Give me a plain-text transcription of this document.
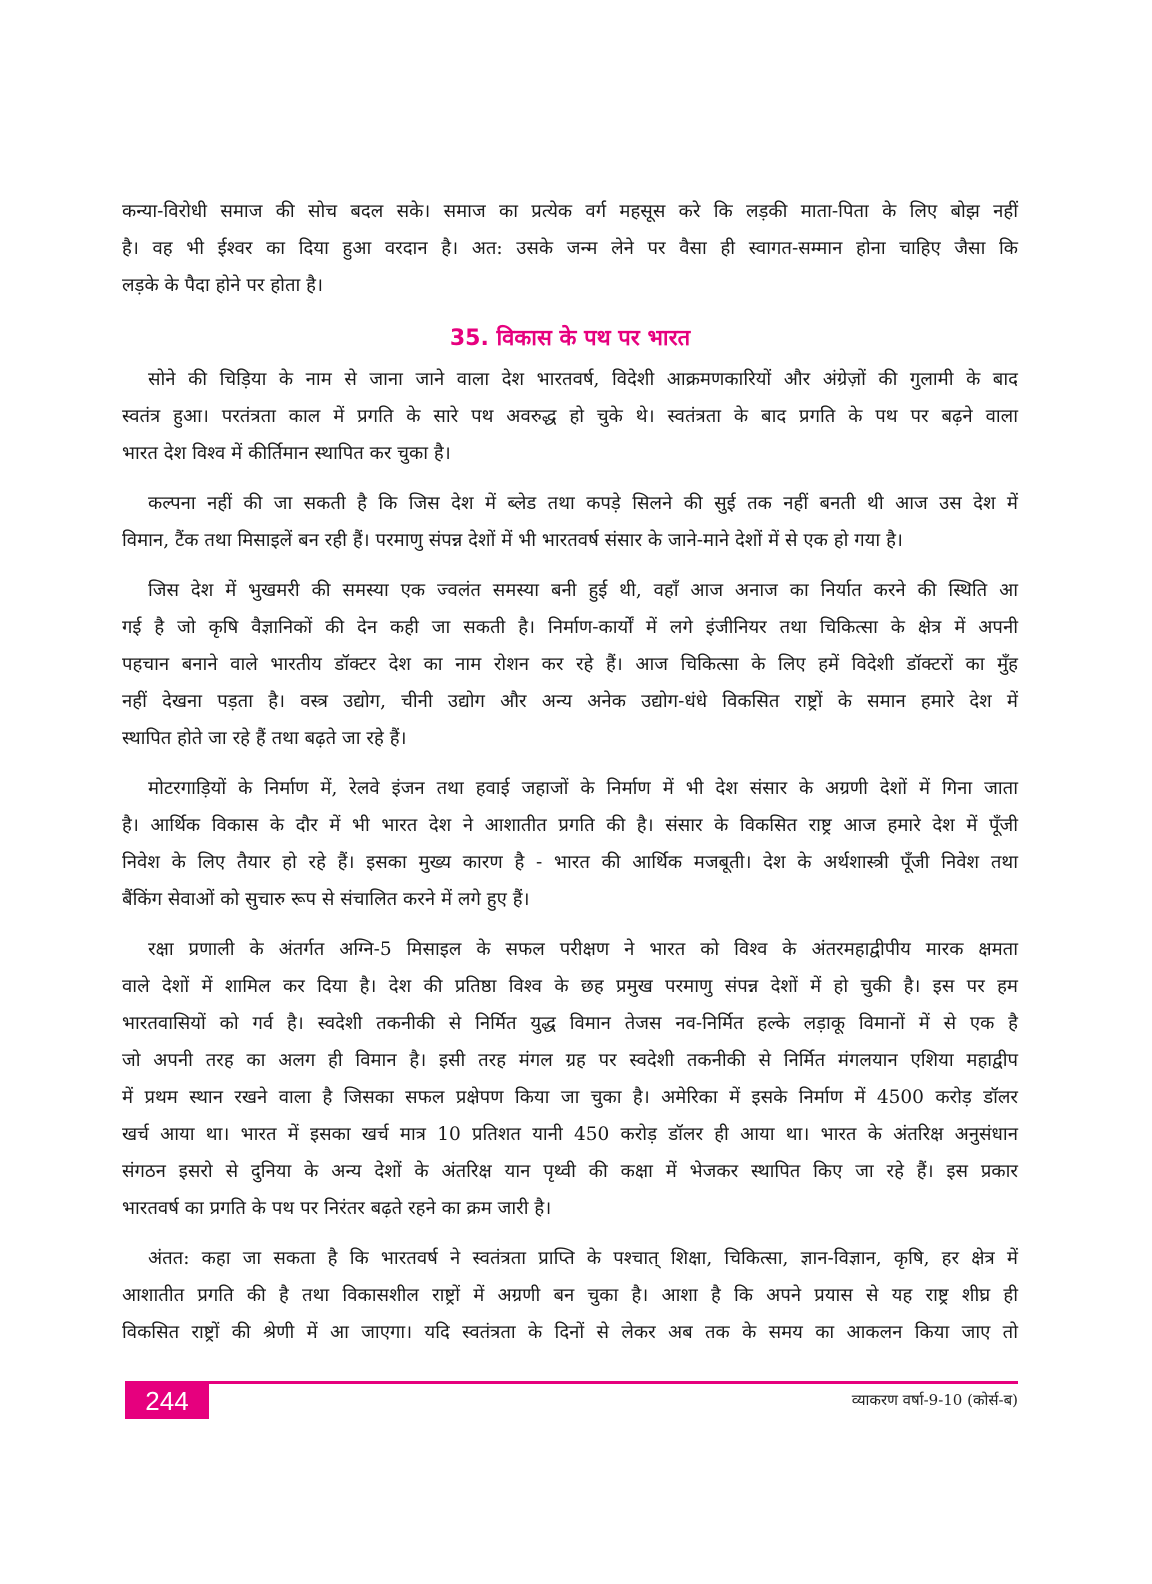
कन्या-विरोधी समाज की सोच बदल सके। समाज का प्रत्येक वर्ग महसूस करे कि लड़की माता-पिता के लिए बोझ नहीं
है। वह भी ईश्वर का दिया हुआ वरदान है। अत: उसके जन्म लेने पर वैसा ही स्वागत-सम्मान होना चाहिए जैसा कि
लड़के के पैदा होने पर होता है।
35. विकास के पथ पर भारत
सोने की चिड़िया के नाम से जाना जाने वाला देश भारतवर्ष, विदेशी आक्रमणकारियों और अंग्रेज़ों की गुलामी के बाद
स्वतंत्र हुआ। परतंत्रता काल में प्रगति के सारे पथ अवरुद्ध हो चुके थे। स्वतंत्रता के बाद प्रगति के पथ पर बढ़ने वाला
भारत देश विश्व में कीर्तिमान स्थापित कर चुका है।
कल्पना नहीं की जा सकती है कि जिस देश में ब्लेड तथा कपड़े सिलने की सुई तक नहीं बनती थी आज उस देश में
विमान, टैंक तथा मिसाइलें बन रही हैं। परमाणु संपन्न देशों में भी भारतवर्ष संसार के जाने-माने देशों में से एक हो गया है।
जिस देश में भुखमरी की समस्या एक ज्वलंत समस्या बनी हुई थी, वहाँ आज अनाज का निर्यात करने की स्थिति आ
गई है जो कृषि वैज्ञानिकों की देन कही जा सकती है। निर्माण-कार्यों में लगे इंजीनियर तथा चिकित्सा के क्षेत्र में अपनी
पहचान बनाने वाले भारतीय डॉक्टर देश का नाम रोशन कर रहे हैं। आज चिकित्सा के लिए हमें विदेशी डॉक्टरों का मुँह
नहीं देखना पड़ता है। वस्त्र उद्योग, चीनी उद्योग और अन्य अनेक उद्योग-धंधे विकसित राष्ट्रों के समान हमारे देश में
स्थापित होते जा रहे हैं तथा बढ़ते जा रहे हैं।
मोटरगाड़ियों के निर्माण में, रेलवे इंजन तथा हवाई जहाजों के निर्माण में भी देश संसार के अग्रणी देशों में गिना जाता
है। आर्थिक विकास के दौर में भी भारत देश ने आशातीत प्रगति की है। संसार के विकसित राष्ट्र आज हमारे देश में पूँजी
निवेश के लिए तैयार हो रहे हैं। इसका मुख्य कारण है - भारत की आर्थिक मजबूती। देश के अर्थशास्त्री पूँजी निवेश तथा
बैंकिंग सेवाओं को सुचारु रूप से संचालित करने में लगे हुए हैं।
रक्षा प्रणाली के अंतर्गत अग्नि-5 मिसाइल के सफल परीक्षण ने भारत को विश्व के अंतरमहाद्वीपीय मारक क्षमता
वाले देशों में शामिल कर दिया है। देश की प्रतिष्ठा विश्व के छह प्रमुख परमाणु संपन्न देशों में हो चुकी है। इस पर हम
भारतवासियों को गर्व है। स्वदेशी तकनीकी से निर्मित युद्ध विमान तेजस नव-निर्मित हल्के लड़ाकू विमानों में से एक है
जो अपनी तरह का अलग ही विमान है। इसी तरह मंगल ग्रह पर स्वदेशी तकनीकी से निर्मित मंगलयान एशिया महाद्वीप
में प्रथम स्थान रखने वाला है जिसका सफल प्रक्षेपण किया जा चुका है। अमेरिका में इसके निर्माण में 4500 करोड़ डॉलर
खर्च आया था। भारत में इसका खर्च मात्र 10 प्रतिशत यानी 450 करोड़ डॉलर ही आया था। भारत के अंतरिक्ष अनुसंधान
संगठन इसरो से दुनिया के अन्य देशों के अंतरिक्ष यान पृथ्वी की कक्षा में भेजकर स्थापित किए जा रहे हैं। इस प्रकार
भारतवर्ष का प्रगति के पथ पर निरंतर बढ़ते रहने का क्रम जारी है।
अंतत: कहा जा सकता है कि भारतवर्ष ने स्वतंत्रता प्राप्ति के पश्चात् शिक्षा, चिकित्सा, ज्ञान-विज्ञान, कृषि, हर क्षेत्र में
आशातीत प्रगति की है तथा विकासशील राष्ट्रों में अग्रणी बन चुका है। आशा है कि अपने प्रयास से यह राष्ट्र शीघ्र ही
विकसित राष्ट्रों की श्रेणी में आ जाएगा। यदि स्वतंत्रता के दिनों से लेकर अब तक के समय का आकलन किया जाए तो
244	व्याकरण वर्षा-9-10 (कोर्स-ब)
